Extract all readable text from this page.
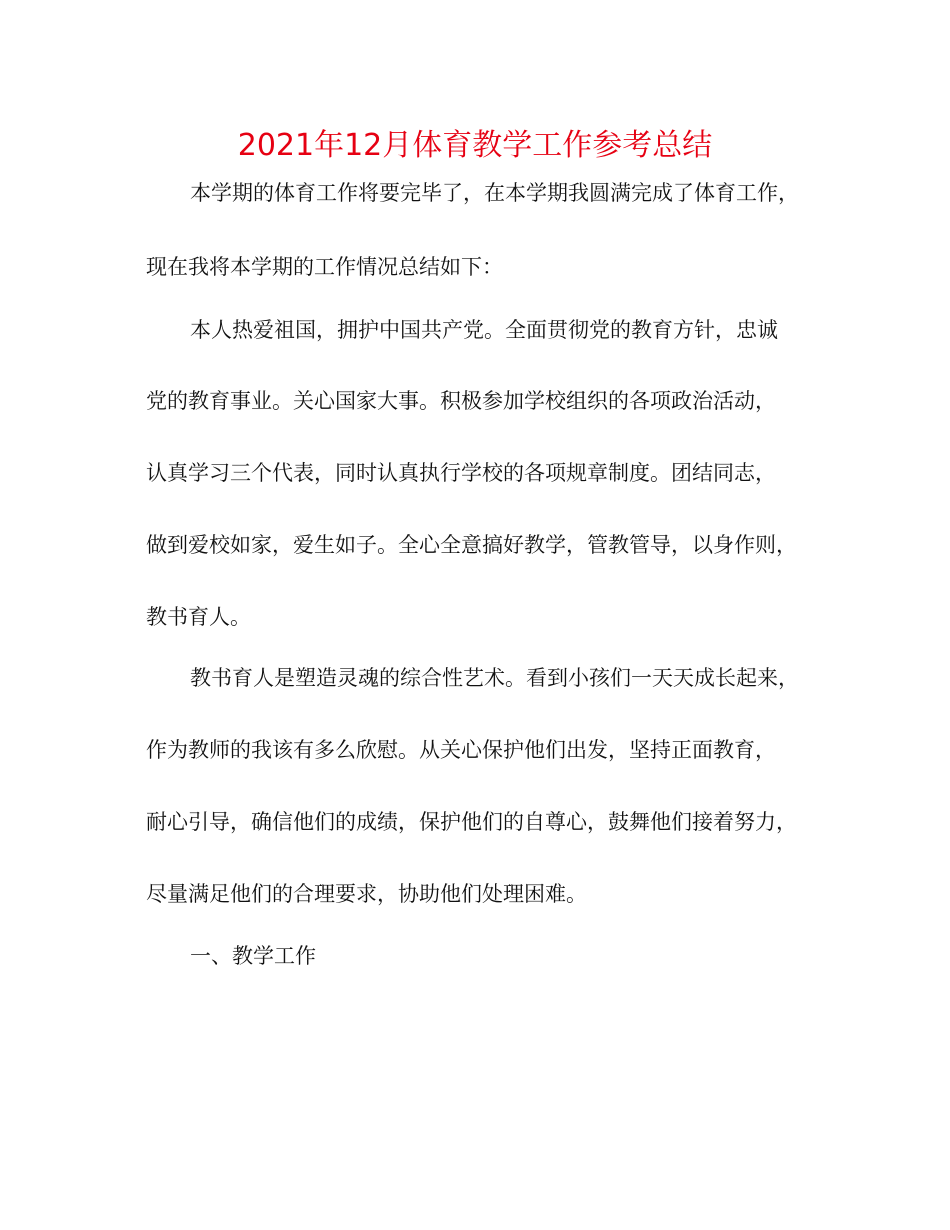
2021年12月体育教学工作参考总结
本学期的体育工作将要完毕了，在本学期我圆满完成了体育工作，
现在我将本学期的工作情况总结如下：
本人热爱祖国，拥护中国共产党。全面贯彻党的教育方针，忠诚
党的教育事业。关心国家大事。积极参加学校组织的各项政治活动，
认真学习三个代表，同时认真执行学校的各项规章制度。团结同志，
做到爱校如家，爱生如子。全心全意搞好教学，管教管导，以身作则，
教书育人。
教书育人是塑造灵魂的综合性艺术。看到小孩们一天天成长起来，
作为教师的我该有多么欣慰。从关心保护他们出发，坚持正面教育，
耐心引导，确信他们的成绩，保护他们的自尊心，鼓舞他们接着努力，
尽量满足他们的合理要求，协助他们处理困难。
一、教学工作
